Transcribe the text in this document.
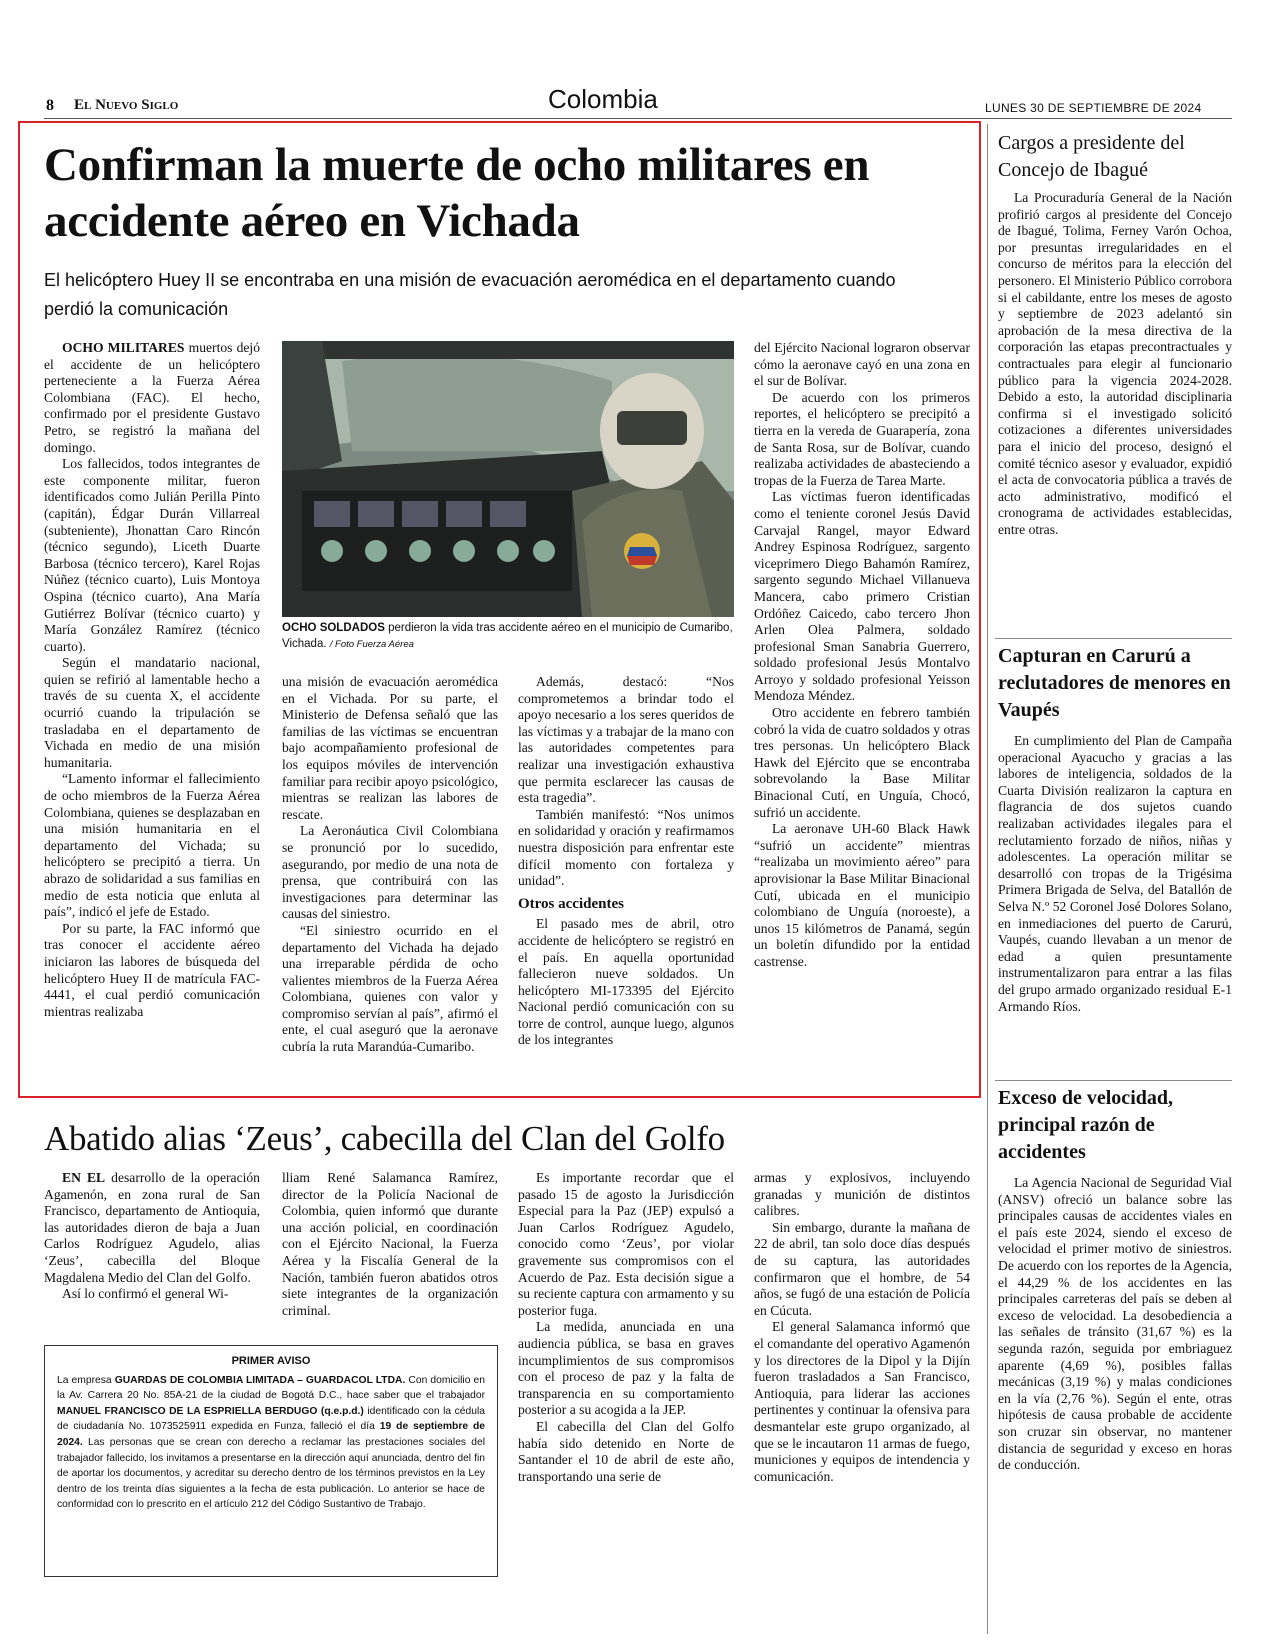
8 El Nuevo Siglo	Colombia	LUNES 30 DE SEPTIEMBRE DE 2024
Confirman la muerte de ocho militares en accidente aéreo en Vichada
El helicóptero Huey II se encontraba en una misión de evacuación aeromédica en el departamento cuando perdió la comunicación

OCHO MILITARES muertos dejó el accidente de un helicóptero perteneciente a la Fuerza Aérea Colombiana (FAC). El hecho, confirmado por el presidente Gustavo Petro, se registró la mañana del domingo.

Los fallecidos, todos integrantes de este componente militar, fueron identificados como Julián Perilla Pinto (capitán), Édgar Durán Villarreal (subteniente), Jhonattan Caro Rincón (técnico segundo), Liceth Duarte Barbosa (técnico tercero), Karel Rojas Núñez (técnico cuarto), Luis Montoya Ospina (técnico cuarto), Ana María Gutiérrez Bolívar (técnico cuarto) y María González Ramírez (técnico cuarto).

Según el mandatario nacional, quien se refirió al lamentable hecho a través de su cuenta X, el accidente ocurrió cuando la tripulación se trasladaba en el departamento de Vichada en medio de una misión humanitaria.

“Lamento informar el fallecimiento de ocho miembros de la Fuerza Aérea Colombiana, quienes se desplazaban en una misión humanitaria en el departamento del Vichada; su helicóptero se precipitó a tierra. Un abrazo de solidaridad a sus familias en medio de esta noticia que enluta al país”, indicó el jefe de Estado.

Por su parte, la FAC informó que tras conocer el accidente aéreo iniciaron las labores de búsqueda del helicóptero Huey II de matrícula FAC- 4441, el cual perdió comunicación mientras realizaba

OCHO SOLDADOS perdieron la vida tras accidente aéreo en el municipio de Cumaribo, Vichada. / Foto Fuerza Aérea

una misión de evacuación aeromédica en el Vichada. Por su parte, el Ministerio de Defensa señaló que las familias de las víctimas se encuentran bajo acompañamiento profesional de los equipos móviles de intervención familiar para recibir apoyo psicológico, mientras se realizan las labores de rescate.

La Aeronáutica Civil Colombiana se pronunció por lo sucedido, asegurando, por medio de una nota de prensa, que contribuirá con las investigaciones para determinar las causas del siniestro.

“El siniestro ocurrido en el departamento del Vichada ha dejado una irreparable pérdida de ocho valientes miembros de la Fuerza Aérea Colombiana, quienes con valor y compromiso servían al país”, afirmó el ente, el cual aseguró que la aeronave cubría la ruta Marandúa-Cumaribo.

Además, destacó: “Nos comprometemos a brindar todo el apoyo necesario a los seres queridos de las víctimas y a trabajar de la mano con las autoridades competentes para realizar una investigación exhaustiva que permita esclarecer las causas de esta tragedia”.

También manifestó: “Nos unimos en solidaridad y oración y reafirmamos nuestra disposición para enfrentar este difícil momento con fortaleza y unidad”.

Otros accidentes

El pasado mes de abril, otro accidente de helicóptero se registró en el país. En aquella oportunidad fallecieron nueve soldados. Un helicóptero MI-173395 del Ejército Nacional perdió comunicación con su torre de control, aunque luego, algunos de los integrantes

del Ejército Nacional lograron observar cómo la aeronave cayó en una zona en el sur de Bolívar.

De acuerdo con los primeros reportes, el helicóptero se precipitó a tierra en la vereda de Guarapería, zona de Santa Rosa, sur de Bolívar, cuando realizaba actividades de abasteciendo a tropas de la Fuerza de Tarea Marte.

Las víctimas fueron identificadas como el teniente coronel Jesús David Carvajal Rangel, mayor Edward Andrey Espinosa Rodríguez, sargento viceprimero Diego Bahamón Ramírez, sargento segundo Michael Villanueva Mancera, cabo primero Cristian Ordóñez Caicedo, cabo tercero Jhon Arlen Olea Palmera, soldado profesional Sman Sanabria Guerrero, soldado profesional Jesús Montalvo Arroyo y soldado profesional Yeisson Mendoza Méndez.

Otro accidente en febrero también cobró la vida de cuatro soldados y otras tres personas. Un helicóptero Black Hawk del Ejército que se encontraba sobrevolando la Base Militar Binacional Cutí, en Unguía, Chocó, sufrió un accidente.

La aeronave UH-60 Black Hawk “sufrió un accidente” mientras “realizaba un movimiento aéreo” para aprovisionar la Base Militar Binacional Cutí, ubicada en el municipio colombiano de Unguía (noroeste), a unos 15 kilómetros de Panamá, según un boletín difundido por la entidad castrense.

Abatido alias ‘Zeus’, cabecilla del Clan del Golfo

EN EL desarrollo de la operación Agamenón, en zona rural de San Francisco, departamento de Antioquia, las autoridades dieron de baja a Juan Carlos Rodríguez Agudelo, alias ‘Zeus’, cabecilla del Bloque Magdalena Medio del Clan del Golfo.

Así lo confirmó el general Wi-

lliam René Salamanca Ramírez, director de la Policía Nacional de Colombia, quien informó que durante una acción policial, en coordinación con el Ejército Nacional, la Fuerza Aérea y la Fiscalía General de la Nación, también fueron abatidos otros siete integrantes de la organización criminal.

Es importante recordar que el pasado 15 de agosto la Jurisdicción Especial para la Paz (JEP) expulsó a Juan Carlos Rodríguez Agudelo, conocido como ‘Zeus’, por violar gravemente sus compromisos con el Acuerdo de Paz. Esta decisión sigue a su reciente captura con armamento y su posterior fuga.

La medida, anunciada en una audiencia pública, se basa en graves incumplimientos de sus compromisos con el proceso de paz y la falta de transparencia en su comportamiento posterior a su acogida a la JEP.

El cabecilla del Clan del Golfo había sido detenido en Norte de Santander el 10 de abril de este año, transportando una serie de

armas y explosivos, incluyendo granadas y munición de distintos calibres.

Sin embargo, durante la mañana de 22 de abril, tan solo doce días después de su captura, las autoridades confirmaron que el hombre, de 54 años, se fugó de una estación de Policía en Cúcuta.

El general Salamanca informó que el comandante del operativo Agamenón y los directores de la Dipol y la Dijín fueron trasladados a San Francisco, Antioquia, para liderar las acciones pertinentes y continuar la ofensiva para desmantelar este grupo organizado, al que se le incautaron 11 armas de fuego, municiones y equipos de intendencia y comunicación.

PRIMER AVISO
La empresa GUARDAS DE COLOMBIA LIMITADA – GUARDACOL LTDA. Con domicilio en la Av. Carrera 20 No. 85A-21 de la ciudad de Bogotá D.C., hace saber que el trabajador MANUEL FRANCISCO DE LA ESPRIELLA BERDUGO (q.e.p.d.) identificado con la cédula de ciudadanía No. 1073525911 expedida en Funza, falleció el día 19 de septiembre de 2024. Las personas que se crean con derecho a reclamar las prestaciones sociales del trabajador fallecido, los invitamos a presentarse en la dirección aquí anunciada, dentro del fin de aportar los documentos, y acreditar su derecho dentro de los términos previstos en la Ley dentro de los treinta días siguientes a la fecha de esta publicación. Lo anterior se hace de conformidad con lo prescrito en el artículo 212 del Código Sustantivo de Trabajo.
Cargos a presidente del Concejo de Ibagué

La Procuraduría General de la Nación profirió cargos al presidente del Concejo de Ibagué, Tolima, Ferney Varón Ochoa, por presuntas irregularidades en el concurso de méritos para la elección del personero. El Ministerio Público corrobora si el cabildante, entre los meses de agosto y septiembre de 2023 adelantó sin aprobación de la mesa directiva de la corporación las etapas precontractuales y contractuales para elegir al funcionario público para la vigencia 2024-2028. Debido a esto, la autoridad disciplinaria confirma si el investigado solicitó cotizaciones a diferentes universidades para el inicio del proceso, designó el comité técnico asesor y evaluador, expidió el acta de convocatoria pública a través de acto administrativo, modificó el cronograma de actividades establecidas, entre otras.

Capturan en Carurú a reclutadores de menores en Vaupés

En cumplimiento del Plan de Campaña operacional Ayacucho y gracias a las labores de inteligencia, soldados de la Cuarta División realizaron la captura en flagrancia de dos sujetos cuando realizaban actividades ilegales para el reclutamiento forzado de niños, niñas y adolescentes. La operación militar se desarrolló con tropas de la Trigésima Primera Brigada de Selva, del Batallón de Selva N.º 52 Coronel José Dolores Solano, en inmediaciones del puerto de Carurú, Vaupés, cuando llevaban a un menor de edad a quien presuntamente instrumentalizaron para entrar a las filas del grupo armado organizado residual E-1 Armando Ríos.

Exceso de velocidad, principal razón de accidentes

La Agencia Nacional de Seguridad Vial (ANSV) ofreció un balance sobre las principales causas de accidentes viales en el país este 2024, siendo el exceso de velocidad el primer motivo de siniestros. De acuerdo con los reportes de la Agencia, el 44,29 % de los accidentes en las principales carreteras del país se deben al exceso de velocidad. La desobediencia a las señales de tránsito (31,67 %) es la segunda razón, seguida por embriaguez aparente (4,69 %), posibles fallas mecánicas (3,19 %) y malas condiciones en la vía (2,76 %). Según el ente, otras hipótesis de causa probable de accidente son cruzar sin observar, no mantener distancia de seguridad y exceso en horas de conducción.
